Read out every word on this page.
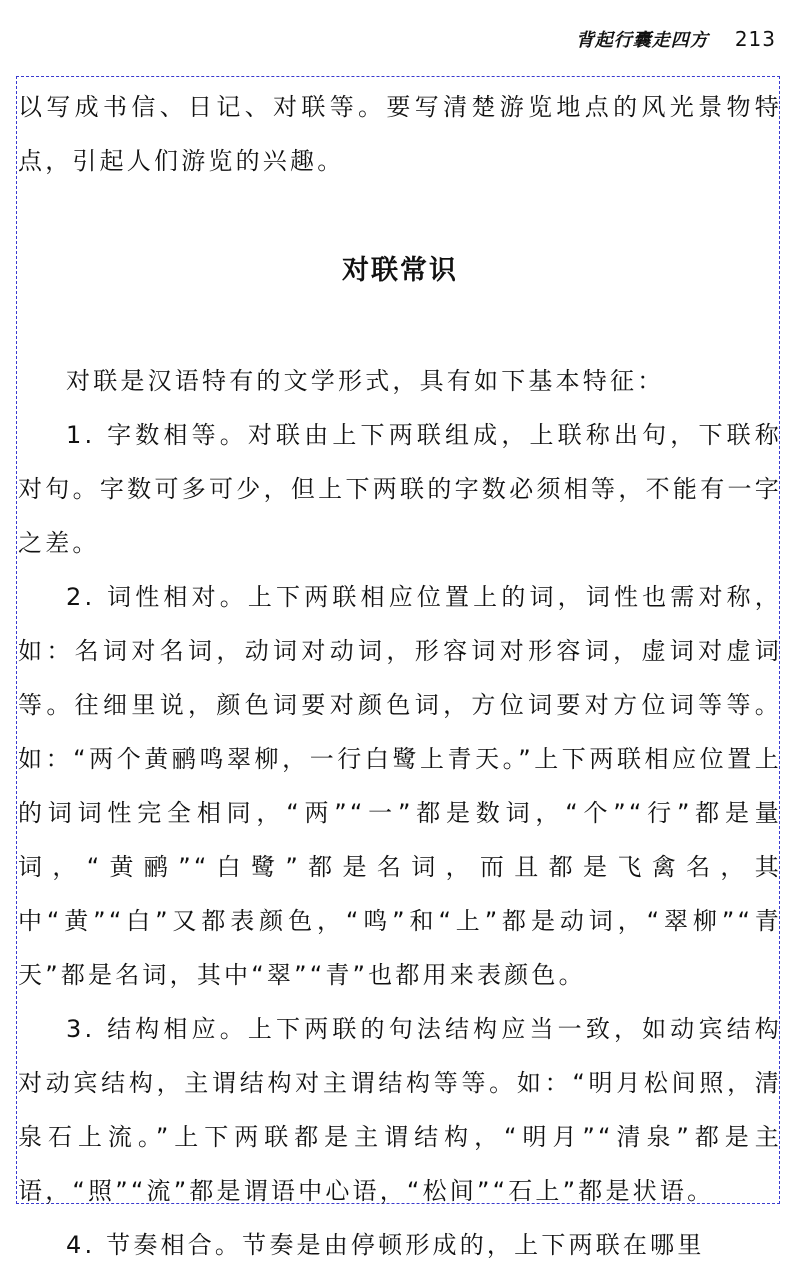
背起行囊走四方 213

以写成书信、日记、对联等。要写清楚游览地点的风光景物特点，引起人们游览的兴趣。

对联常识

对联是汉语特有的文学形式，具有如下基本特征：

1. 字数相等。对联由上下两联组成，上联称出句，下联称对句。字数可多可少，但上下两联的字数必须相等，不能有一字之差。

2. 词性相对。上下两联相应位置上的词，词性也需对称，如：名词对名词，动词对动词，形容词对形容词，虚词对虚词等。往细里说，颜色词要对颜色词，方位词要对方位词等等。如：“两个黄鹂鸣翠柳，一行白鹭上青天。”上下两联相应位置上的词词性完全相同，“两”“一”都是数词，“个”“行”都是量词，“黄鹂”“白鹭”都是名词，而且都是飞禽名，其中“黄”“白”又都表颜色，“鸣”和“上”都是动词，“翠柳”“青天”都是名词，其中“翠”“青”也都用来表颜色。

3. 结构相应。上下两联的句法结构应当一致，如动宾结构对动宾结构，主谓结构对主谓结构等等。如：“明月松间照，清泉石上流。”上下两联都是主谓结构，“明月”“清泉”都是主语，“照”“流”都是谓语中心语，“松间”“石上”都是状语。

4. 节奏相合。节奏是由停顿形成的，上下两联在哪里
